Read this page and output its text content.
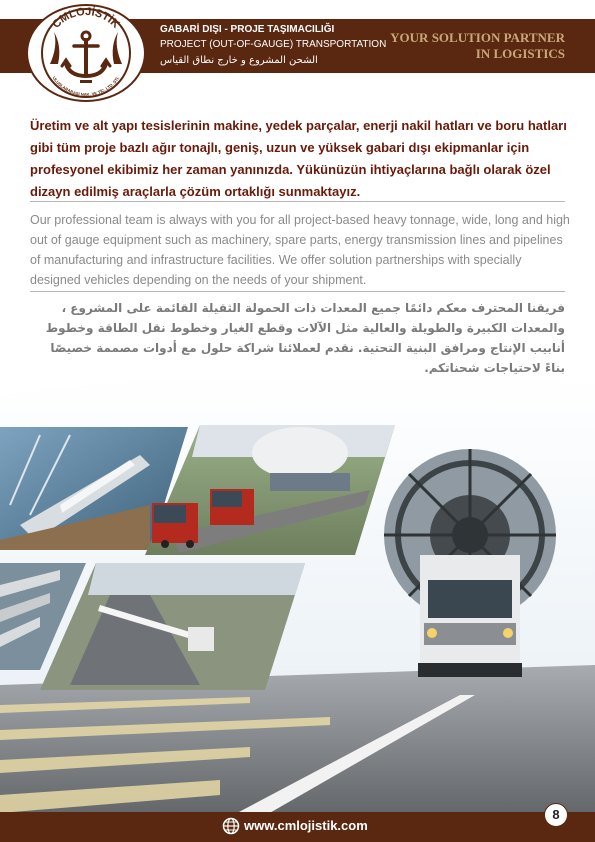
CMLOJİSTİK
ULUSLARARASI NAK. VE TİC. LTD. ŞTİ.
GABARİ DIŞI - PROJE TAŞIMACILIĞI
PROJECT (OUT-OF-GAUGE) TRANSPORTATION
الشحن المشروع و خارج نطاق القياس
YOUR SOLUTION PARTNER
IN LOGISTICS

Üretim ve alt yapı tesislerinin makine, yedek parçalar, enerji nakil hatları ve boru hatları gibi tüm proje bazlı ağır tonajlı, geniş, uzun ve yüksek gabari dışı ekipmanlar için profesyonel ekibimiz her zaman yanınızda. Yükünüzün ihtiyaçlarına bağlı olarak özel dizayn edilmiş araçlarla çözüm ortaklığı sunmaktayız.

Our professional team is always with you for all project-based heavy tonnage, wide, long and high out of gauge equipment such as machinery, spare parts, energy transmission lines and pipelines of manufacturing and infrastructure facilities. We offer solution partnerships with specially designed vehicles depending on the needs of your shipment.

فريقنا المحترف معكم دائمًا جميع المعدات ذات الحمولة الثقيلة القائمة على المشروع ، والمعدات الكبيرة والطويلة والعالية مثل الآلات وقطع الغيار وخطوط نقل الطاقة وخطوط أنابيب الإنتاج ومرافق البنية التحتية. نقدم لعملائنا شراكة حلول مع أدوات مصممة خصيصًا بناءً لاحتياجات شحناتكم.

www.cmlojistik.com
8
